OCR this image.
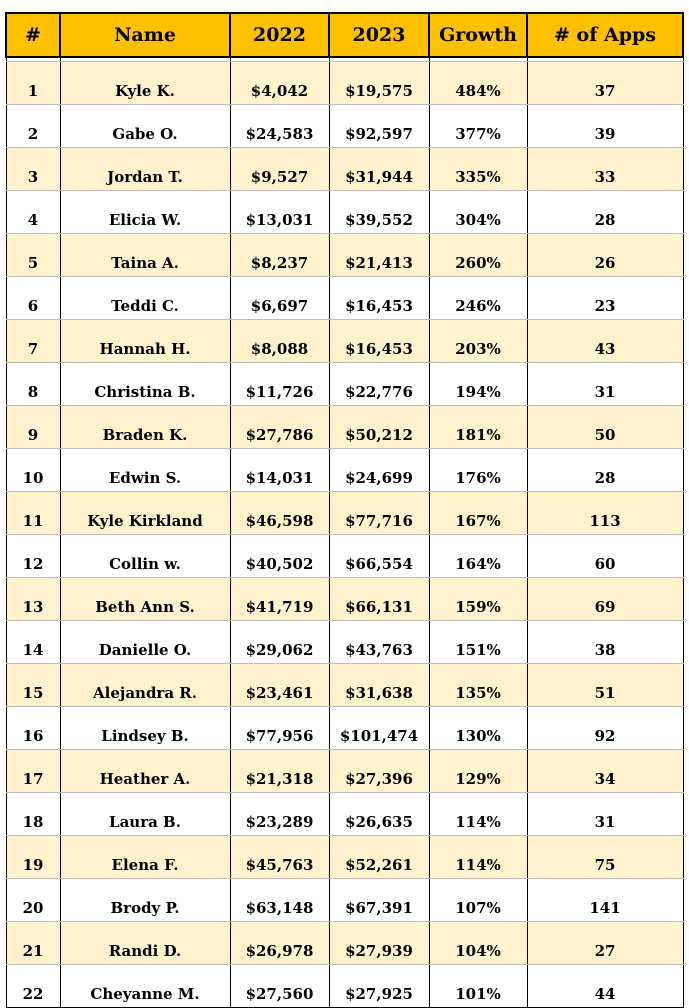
#	Name	2022	2023	Growth	# of Apps

1	Kyle K.	$4,042	$19,575	484%	37
2	Gabe O.	$24,583	$92,597	377%	39
3	Jordan T.	$9,527	$31,944	335%	33
4	Elicia W.	$13,031	$39,552	304%	28
5	Taina A.	$8,237	$21,413	260%	26
6	Teddi C.	$6,697	$16,453	246%	23
7	Hannah H.	$8,088	$16,453	203%	43
8	Christina B.	$11,726	$22,776	194%	31
9	Braden K.	$27,786	$50,212	181%	50
10	Edwin S.	$14,031	$24,699	176%	28
11	Kyle Kirkland	$46,598	$77,716	167%	113
12	Collin w.	$40,502	$66,554	164%	60
13	Beth Ann S.	$41,719	$66,131	159%	69
14	Danielle O.	$29,062	$43,763	151%	38
15	Alejandra R.	$23,461	$31,638	135%	51
16	Lindsey B.	$77,956	$101,474	130%	92
17	Heather A.	$21,318	$27,396	129%	34
18	Laura B.	$23,289	$26,635	114%	31
19	Elena F.	$45,763	$52,261	114%	75
20	Brody P.	$63,148	$67,391	107%	141
21	Randi D.	$26,978	$27,939	104%	27
22	Cheyanne M.	$27,560	$27,925	101%	44
